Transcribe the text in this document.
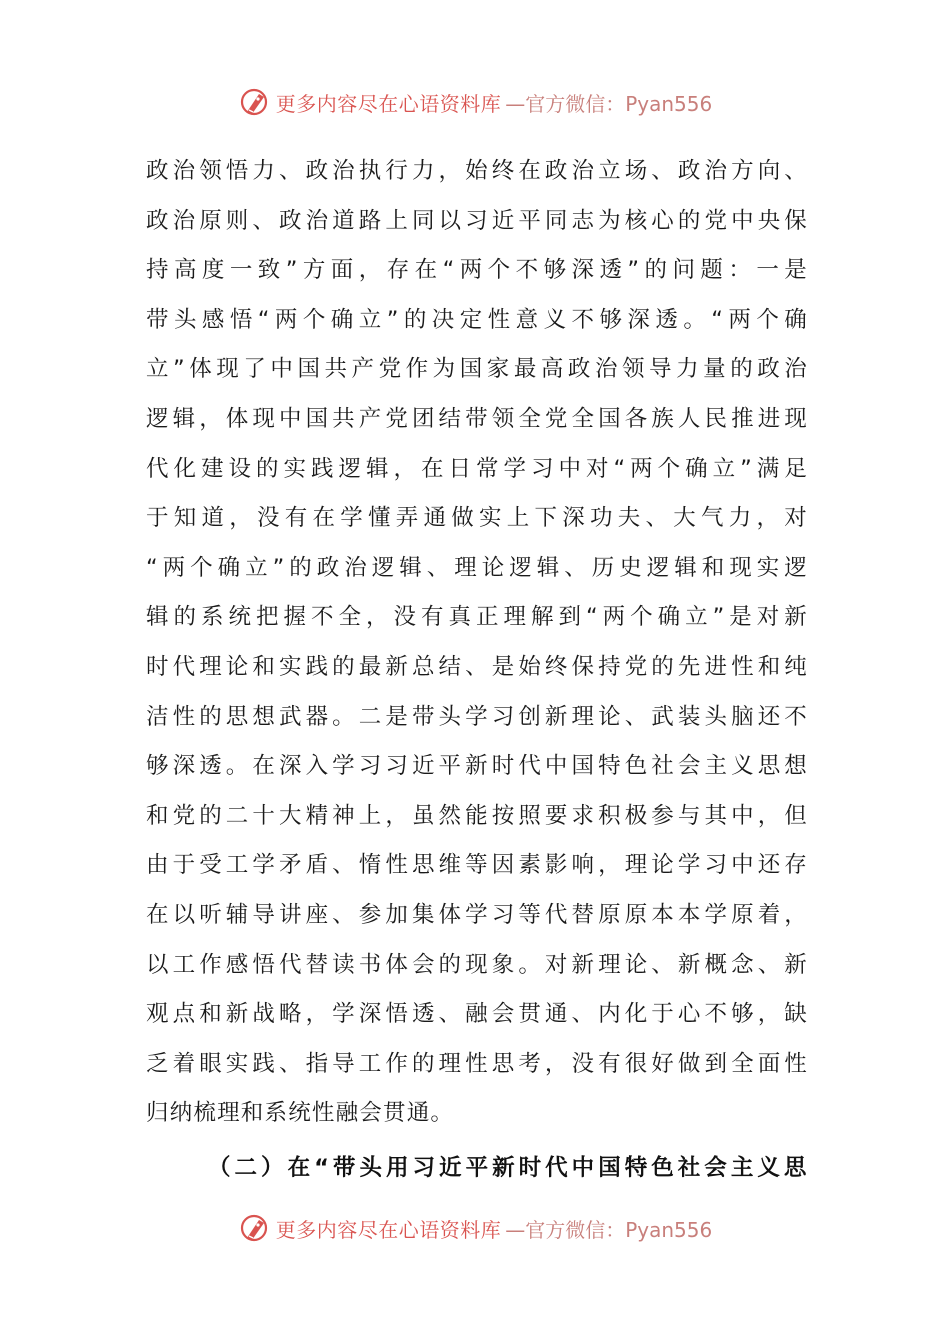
更多内容尽在心语资料库 —官方微信：Pyan556
政治领悟力、政治执行力，始终在政治立场、政治方向、
政治原则、政治道路上同以习近平同志为核心的党中央保
持高度一致”方面，存在“两个不够深透”的问题：一是
带头感悟“两个确立”的决定性意义不够深透。“两个确
立”体现了中国共产党作为国家最高政治领导力量的政治
逻辑，体现中国共产党团结带领全党全国各族人民推进现
代化建设的实践逻辑，在日常学习中对“两个确立”满足
于知道，没有在学懂弄通做实上下深功夫、大气力，对
“两个确立”的政治逻辑、理论逻辑、历史逻辑和现实逻
辑的系统把握不全，没有真正理解到“两个确立”是对新
时代理论和实践的最新总结、是始终保持党的先进性和纯
洁性的思想武器。二是带头学习创新理论、武装头脑还不
够深透。在深入学习习近平新时代中国特色社会主义思想
和党的二十大精神上，虽然能按照要求积极参与其中，但
由于受工学矛盾、惰性思维等因素影响，理论学习中还存
在以听辅导讲座、参加集体学习等代替原原本本学原着，
以工作感悟代替读书体会的现象。对新理论、新概念、新
观点和新战略，学深悟透、融会贯通、内化于心不够，缺
乏着眼实践、指导工作的理性思考，没有很好做到全面性
归纳梳理和系统性融会贯通。
（二）在“带头用习近平新时代中国特色社会主义思
更多内容尽在心语资料库 —官方微信：Pyan556
